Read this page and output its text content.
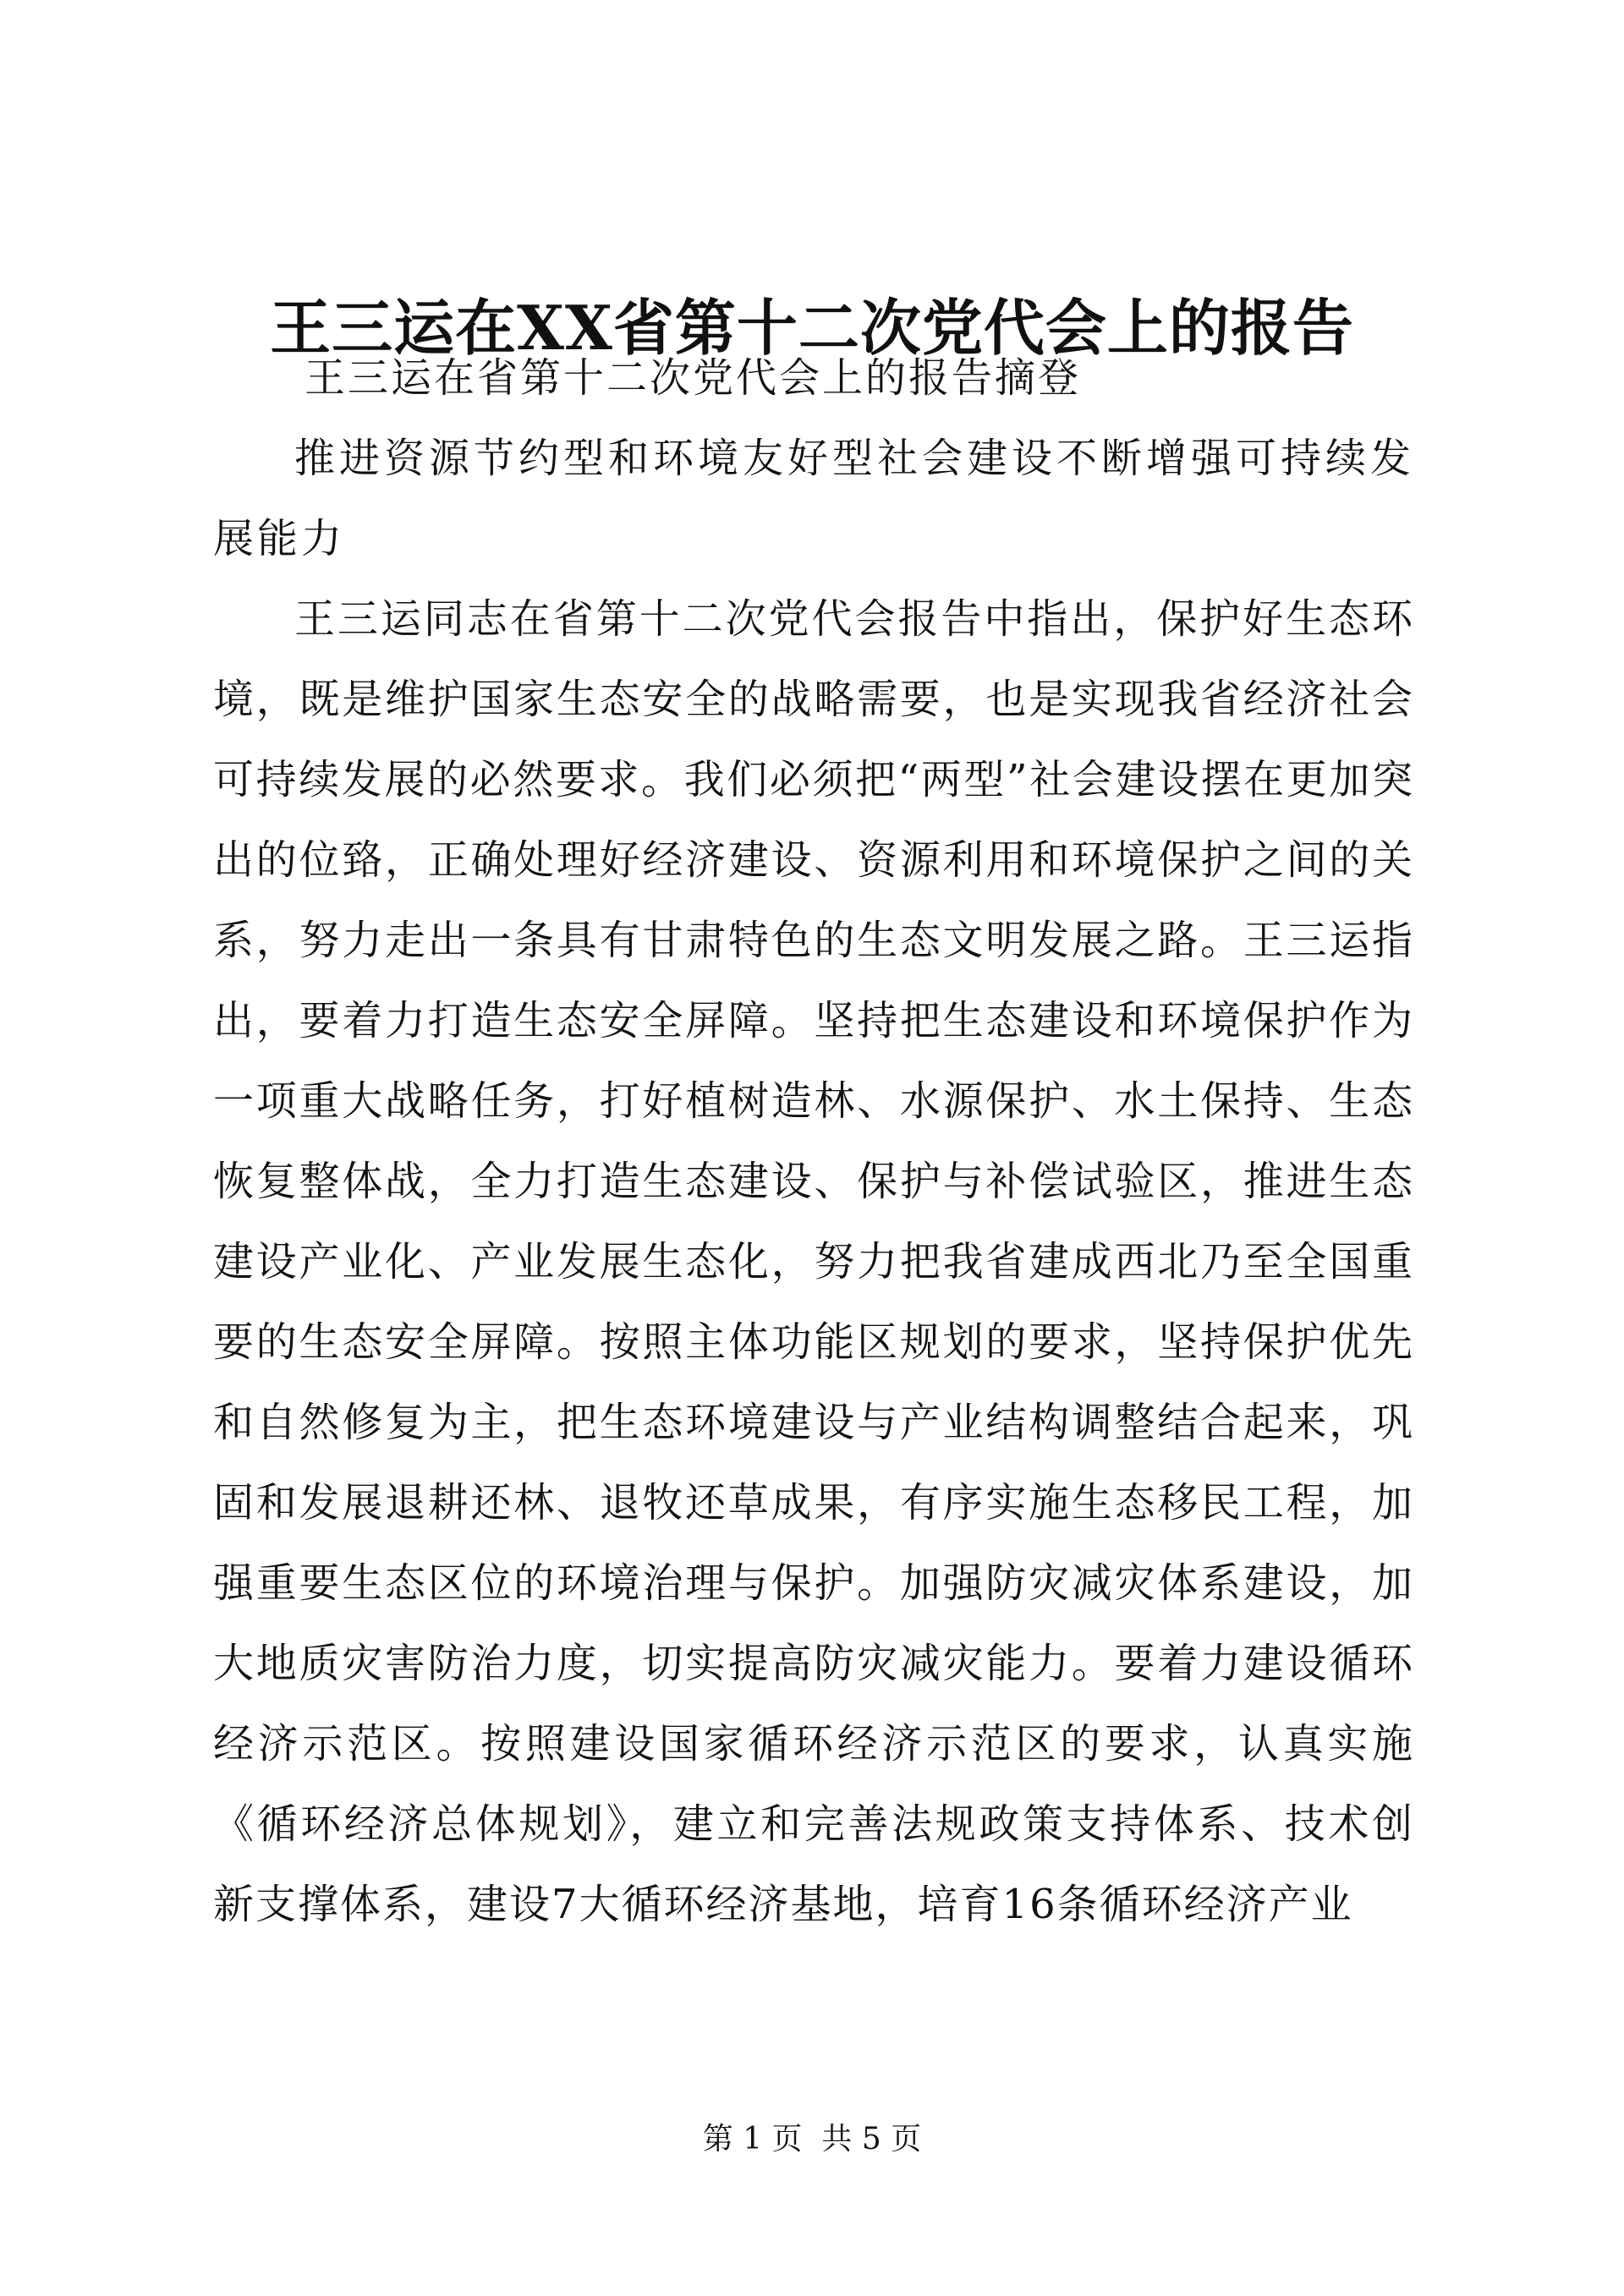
王三运在XX省第十二次党代会上的报告

王三运在省第十二次党代会上的报告摘登

推进资源节约型和环境友好型社会建设不断增强可持续发展能力

王三运同志在省第十二次党代会报告中指出，保护好生态环境，既是维护国家生态安全的战略需要，也是实现我省经济社会可持续发展的必然要求。我们必须把“两型”社会建设摆在更加突出的位臵，正确处理好经济建设、资源利用和环境保护之间的关系，努力走出一条具有甘肃特色的生态文明发展之路。王三运指出，要着力打造生态安全屏障。坚持把生态建设和环境保护作为一项重大战略任务，打好植树造林、水源保护、水土保持、生态恢复整体战，全力打造生态建设、保护与补偿试验区，推进生态建设产业化、产业发展生态化，努力把我省建成西北乃至全国重要的生态安全屏障。按照主体功能区规划的要求，坚持保护优先和自然修复为主，把生态环境建设与产业结构调整结合起来，巩固和发展退耕还林、退牧还草成果，有序实施生态移民工程，加强重要生态区位的环境治理与保护。加强防灾减灾体系建设，加大地质灾害防治力度，切实提高防灾减灾能力。要着力建设循环经济示范区。按照建设国家循环经济示范区的要求，认真实施《循环经济总体规划》，建立和完善法规政策支持体系、技术创新支撑体系，建设7大循环经济基地，培育16条循环经济产业

第 1 页  共 5 页
